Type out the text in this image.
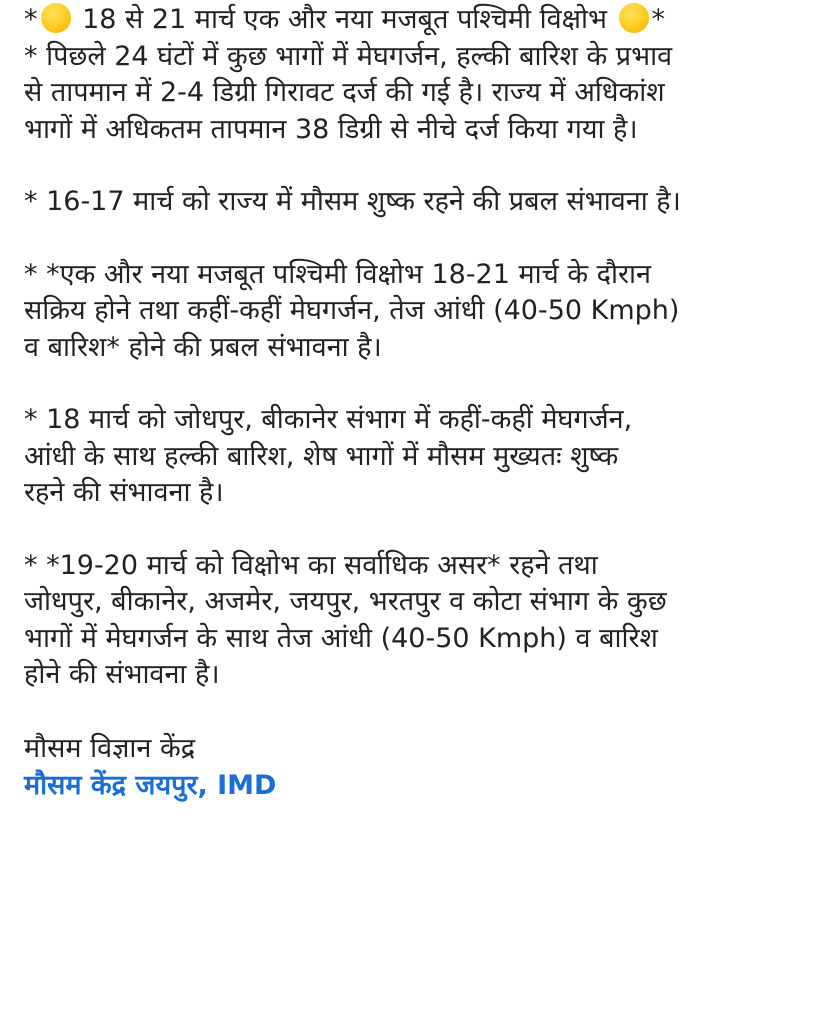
* 18 से 21 मार्च एक और नया मजबूत पश्चिमी विक्षोभ *
* पिछले 24 घंटों में कुछ भागों में मेघगर्जन, हल्की बारिश के प्रभाव
से तापमान में 2-4 डिग्री गिरावट दर्ज की गई है। राज्य में अधिकांश
भागों में अधिकतम तापमान 38 डिग्री से नीचे दर्ज किया गया है।
* 16-17 मार्च को राज्य में मौसम शुष्क रहने की प्रबल संभावना है।
* *एक और नया मजबूत पश्चिमी विक्षोभ 18-21 मार्च के दौरान
सक्रिय होने तथा कहीं-कहीं मेघगर्जन, तेज आंधी (40-50 Kmph)
व बारिश* होने की प्रबल संभावना है।
* 18 मार्च को जोधपुर, बीकानेर संभाग में कहीं-कहीं मेघगर्जन,
आंधी के साथ हल्की बारिश, शेष भागों में मौसम मुख्यतः शुष्क
रहने की संभावना है।
* *19-20 मार्च को विक्षोभ का सर्वाधिक असर* रहने तथा
जोधपुर, बीकानेर, अजमेर, जयपुर, भरतपुर व कोटा संभाग के कुछ
भागों में मेघगर्जन के साथ तेज आंधी (40-50 Kmph) व बारिश
होने की संभावना है।
मौसम विज्ञान केंद्र
मौसम केंद्र जयपुर, IMD
